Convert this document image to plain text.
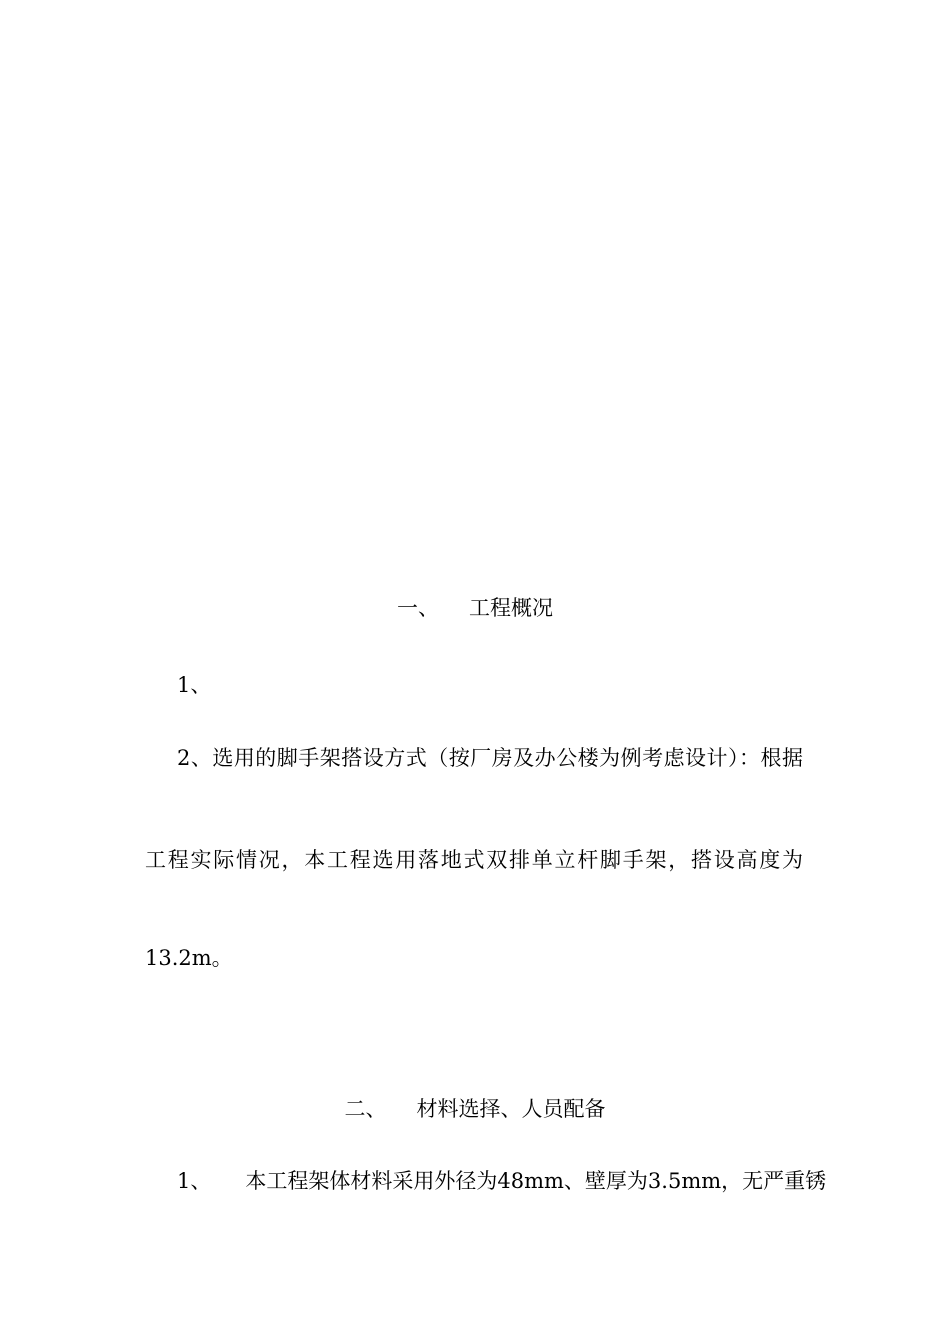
一、 工程概况

1、

2、选用的脚手架搭设方式（按厂房及办公楼为例考虑设计）：根据

工程实际情况，本工程选用落地式双排单立杆脚手架，搭设高度为

13.2m。

二、 材料选择、人员配备

1、 本工程架体材料采用外径为48mm、壁厚为3.5mm，无严重锈
